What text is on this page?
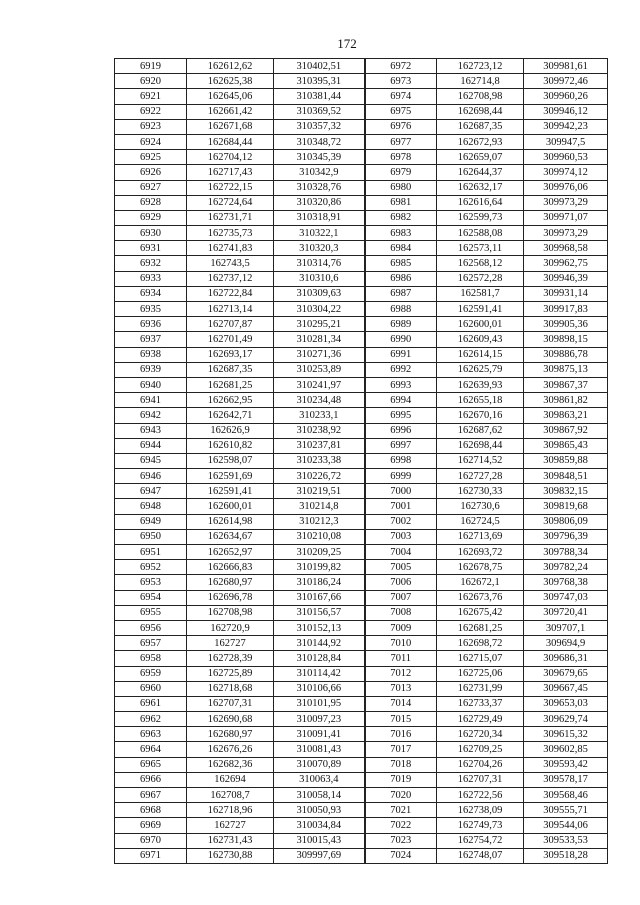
172
6919	162612,62	310402,51	6972	162723,12	309981,61
6920	162625,38	310395,31	6973	162714,8	309972,46
6921	162645,06	310381,44	6974	162708,98	309960,26
6922	162661,42	310369,52	6975	162698,44	309946,12
6923	162671,68	310357,32	6976	162687,35	309942,23
6924	162684,44	310348,72	6977	162672,93	309947,5
6925	162704,12	310345,39	6978	162659,07	309960,53
6926	162717,43	310342,9	6979	162644,37	309974,12
6927	162722,15	310328,76	6980	162632,17	309976,06
6928	162724,64	310320,86	6981	162616,64	309973,29
6929	162731,71	310318,91	6982	162599,73	309971,07
6930	162735,73	310322,1	6983	162588,08	309973,29
6931	162741,83	310320,3	6984	162573,11	309968,58
6932	162743,5	310314,76	6985	162568,12	309962,75
6933	162737,12	310310,6	6986	162572,28	309946,39
6934	162722,84	310309,63	6987	162581,7	309931,14
6935	162713,14	310304,22	6988	162591,41	309917,83
6936	162707,87	310295,21	6989	162600,01	309905,36
6937	162701,49	310281,34	6990	162609,43	309898,15
6938	162693,17	310271,36	6991	162614,15	309886,78
6939	162687,35	310253,89	6992	162625,79	309875,13
6940	162681,25	310241,97	6993	162639,93	309867,37
6941	162662,95	310234,48	6994	162655,18	309861,82
6942	162642,71	310233,1	6995	162670,16	309863,21
6943	162626,9	310238,92	6996	162687,62	309867,92
6944	162610,82	310237,81	6997	162698,44	309865,43
6945	162598,07	310233,38	6998	162714,52	309859,88
6946	162591,69	310226,72	6999	162727,28	309848,51
6947	162591,41	310219,51	7000	162730,33	309832,15
6948	162600,01	310214,8	7001	162730,6	309819,68
6949	162614,98	310212,3	7002	162724,5	309806,09
6950	162634,67	310210,08	7003	162713,69	309796,39
6951	162652,97	310209,25	7004	162693,72	309788,34
6952	162666,83	310199,82	7005	162678,75	309782,24
6953	162680,97	310186,24	7006	162672,1	309768,38
6954	162696,78	310167,66	7007	162673,76	309747,03
6955	162708,98	310156,57	7008	162675,42	309720,41
6956	162720,9	310152,13	7009	162681,25	309707,1
6957	162727	310144,92	7010	162698,72	309694,9
6958	162728,39	310128,84	7011	162715,07	309686,31
6959	162725,89	310114,42	7012	162725,06	309679,65
6960	162718,68	310106,66	7013	162731,99	309667,45
6961	162707,31	310101,95	7014	162733,37	309653,03
6962	162690,68	310097,23	7015	162729,49	309629,74
6963	162680,97	310091,41	7016	162720,34	309615,32
6964	162676,26	310081,43	7017	162709,25	309602,85
6965	162682,36	310070,89	7018	162704,26	309593,42
6966	162694	310063,4	7019	162707,31	309578,17
6967	162708,7	310058,14	7020	162722,56	309568,46
6968	162718,96	310050,93	7021	162738,09	309555,71
6969	162727	310034,84	7022	162749,73	309544,06
6970	162731,43	310015,43	7023	162754,72	309533,53
6971	162730,88	309997,69	7024	162748,07	309518,28
